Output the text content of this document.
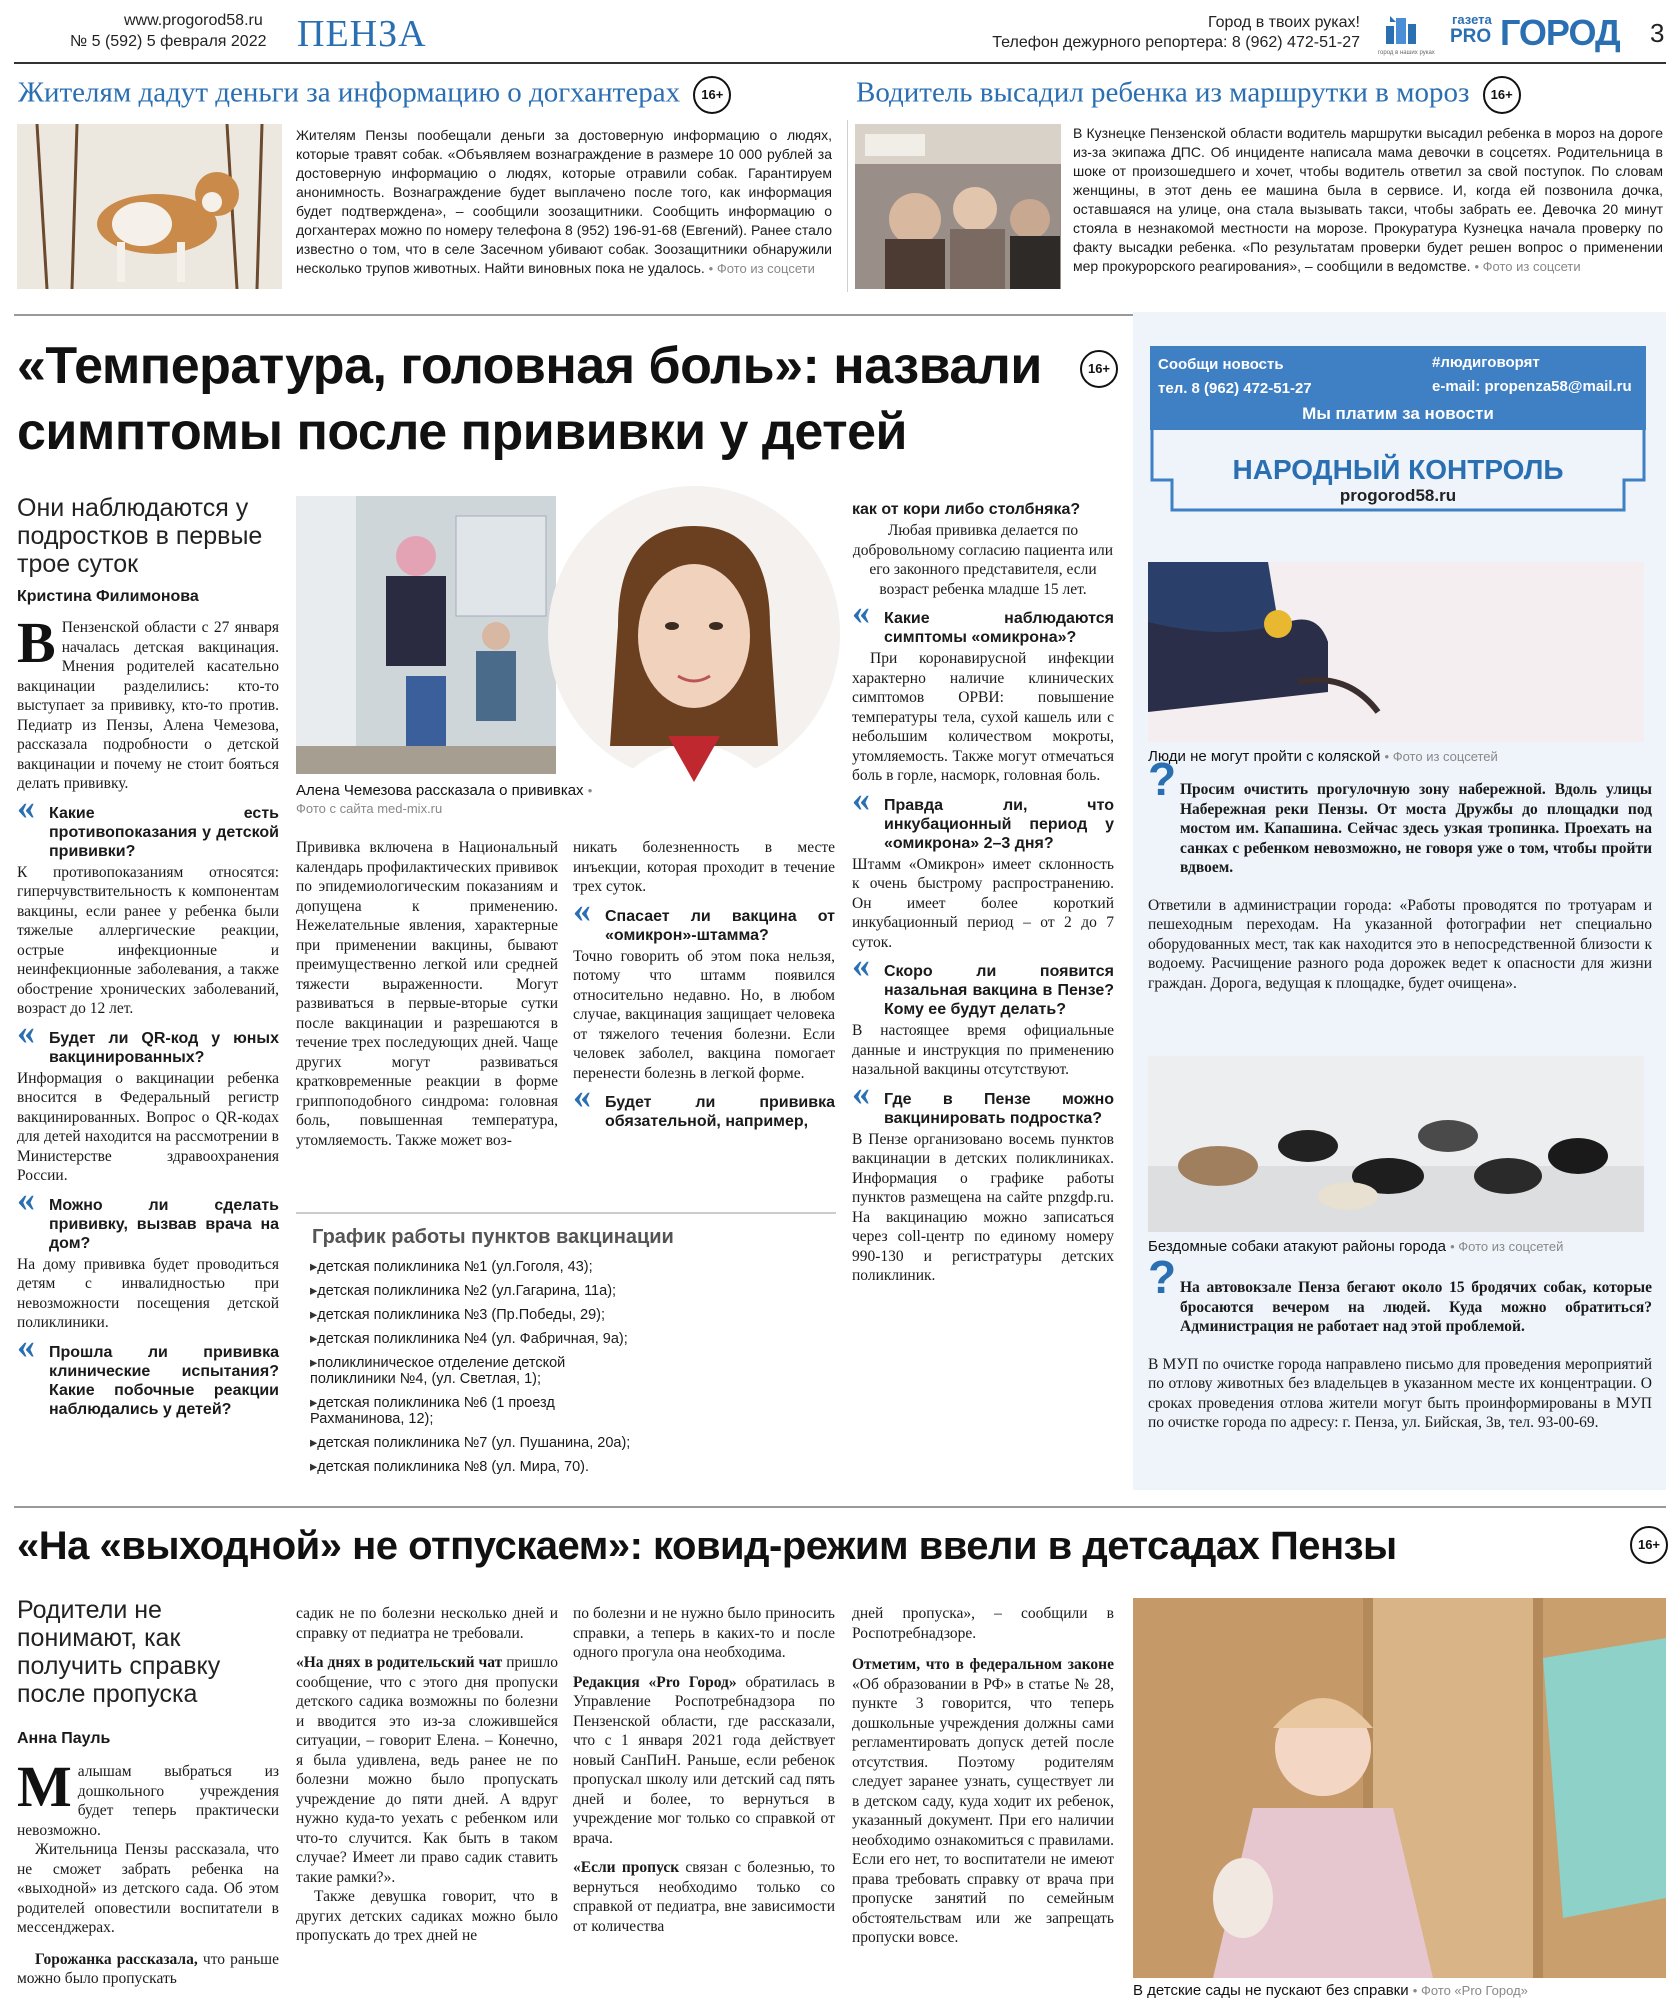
www.progorod58.ru
№ 5 (592) 5 февраля 2022 ПЕНЗА	Город в твоих руках!
Телефон дежурного репортера: 8 (962) 472-51-27
город в наших руках
газета
PRO ГОРОД 3
Жителям дадут деньги за информацию о догхантерах 16+
Жителям Пензы пообещали деньги за достоверную информацию о людях, которые травят собак. «Объявляем вознаграждение в размере 10 000 рублей за достоверную информацию о людях, которые отравили собак. Гарантируем анонимность. Вознаграждение будет выплачено после того, как информация будет подтверждена», – сообщили зоозащитники. Сообщить информацию о догхантерах можно по номеру телефона 8 (952) 196-91-68 (Евгений). Ранее стало известно о том, что в селе Засечном убивают собак. Зоозащитники обнаружили несколько трупов животных. Найти виновных пока не удалось. • Фото из соцсети
Водитель высадил ребенка из маршрутки в мороз 16+
В Кузнецке Пензенской области водитель маршрутки высадил ребенка в мороз на дороге из-за экипажа ДПС. Об инциденте написала мама девочки в соцсетях. Родительница в шоке от произошедшего и хочет, чтобы водитель ответил за свой поступок. По словам женщины, в этот день ее машина была в сервисе. И, когда ей позвонила дочка, оставшаяся на улице, она стала вызывать такси, чтобы забрать ее. Девочка 20 минут стояла в незнакомой местности на морозе. Прокуратура Кузнецка начала проверку по факту высадки ребенка. «По результатам проверки будет решен вопрос о применении мер прокурорского реагирования», – сообщили в ведомстве. • Фото из соцсети
«Температура, головная боль»: назвали	16+
симптомы после прививки у детей
Они наблюдаются у подростков в первые трое суток
Кристина Филимонова

В Пензенской области с 27 января началась детская вакцинация. Мнения родителей касательно вакцинации разделились: кто-то выступает за прививку, кто-то против. Педиатр из Пензы, Алена Чемезова, рассказала подробности о детской вакцинации и почему не стоит бояться делать прививку.

« Какие есть противопоказания у детской прививки?

К противопоказаниям относятся: гиперчувствительность к компонентам вакцины, если ранее у ребенка были тяжелые аллергические реакции, острые инфекционные и неинфекционные заболевания, а также обострение хронических заболеваний, возраст до 12 лет.

« Будет ли QR-код у юных вакцинированных?

Информация о вакцинации ребенка вносится в Федеральный регистр вакцинированных. Вопрос о QR-кодах для детей находится на рассмотрении в Министерстве здравоохранения России.

« Можно ли сделать прививку, вызвав врача на дом?

На дому прививка будет проводиться детям с инвалидностью при невозможности посещения детской поликлиники.

« Прошла ли прививка клинические испытания? Какие побочные реакции наблюдались у детей?
Алена Чемезова рассказала о прививках • Фото с сайта med-mix.ru

Прививка включена в Национальный календарь профилактических прививок по эпидемиологическим показаниям и допущена к применению. Нежелательные явления, характерные при применении вакцины, бывают преимущественно легкой или средней тяжести выраженности. Могут развиваться в первые-вторые сутки после вакцинации и разрешаются в течение трех последующих дней. Чаще других могут развиваться кратковременные реакции в форме гриппоподобного синдрома: головная боль, повышенная температура, утомляемость. Также может воз-

никать болезненность в месте инъекции, которая проходит в течение трех суток.

« Спасает ли вакцина от «омикрон»-штамма?

Точно говорить об этом пока нельзя, потому что штамм появился относительно недавно. Но, в любом случае, вакцинация защищает человека от тяжелого течения болезни. Если человек заболел, вакцина помогает перенести болезнь в легкой форме.

« Будет ли прививка обязательной, например,
как от кори либо столбняка?

Любая прививка делается по добровольному согласию пациента или его законного представителя, если возраст ребенка младше 15 лет.

« Какие наблюдаются симптомы «омикрона»?

При коронавирусной инфекции характерно наличие клинических симптомов ОРВИ: повышение температуры тела, сухой кашель или с небольшим количеством мокроты, утомляемость. Также могут отмечаться боль в горле, насморк, головная боль.

« Правда ли, что инкубационный период у «омикрона» 2–3 дня?

Штамм «Омикрон» имеет склонность к очень быстрому распространению. Он имеет более короткий инкубационный период – от 2 до 7 суток.

« Скоро ли появится назальная вакцина в Пензе? Кому ее будут делать?

В настоящее время официальные данные и инструкция по применению назальной вакцины отсутствуют.

« Где в Пензе можно вакцинировать подростка?

В Пензе организовано восемь пунктов вакцинации в детских поликлиниках. Информация о графике работы пунктов размещена на сайте pnzgdp.ru. На вакцинацию можно записаться через coll-центр по единому номеру 990-130 и регистратуры детских поликлиник.

График работы пунктов вакцинации
▸ детская поликлиника №1 (ул.Гоголя, 43);
▸ детская поликлиника №2 (ул.Гагарина, 11а);
▸ детская поликлиника №3 (Пр.Победы, 29);
▸ детская поликлиника №4 (ул. Фабричная, 9а);
▸ поликлиническое отделение детской поликлиники №4, (ул. Светлая, 1);
▸ детская поликлиника №6 (1 проезд Рахманинова, 12);
▸ детская поликлиника №7 (ул. Пушанина, 20а);
▸ детская поликлиника №8 (ул. Мира, 70).
Сообщи новость
тел. 8 (962) 472-51-27
#людиговорят
e-mail: propenza58@mail.ru
Мы платим за новости
НАРОДНЫЙ КОНТРОЛЬ
progorod58.ru
Люди не могут пройти с коляской • Фото из соцсетей
? Просим очистить прогулочную зону набережной. Вдоль улицы Набережная реки Пензы. От моста Дружбы до площадки под мостом им. Капашина. Сейчас здесь узкая тропинка. Проехать на санках с ребенком невозможно, не говоря уже о том, чтобы пройти вдвоем.

Ответили в администрации города: «Работы проводятся по тротуарам и пешеходным переходам. На указанной фотографии нет специально оборудованных мест, так как находится это в непосредственной близости к водоему. Расчищение разного рода дорожек ведет к опасности для жизни граждан. Дорога, ведущая к площадке, будет очищена».

Бездомные собаки атакуют районы города • Фото из соцсетей
? На автовокзале Пенза бегают около 15 бродячих собак, которые бросаются вечером на людей. Куда можно обратиться? Администрация не работает над этой проблемой.

В МУП по очистке города направлено письмо для проведения мероприятий по отлову животных без владельцев в указанном месте их концентрации. О сроках проведения отлова жители могут быть проинформированы в МУП по очистке города по адресу: г. Пенза, ул. Бийская, 3в, тел. 93-00-69.

«На «выходной» не отпускаем»: ковид-режим ввели в детсадах Пензы	16+
Родители не понимают, как получить справку после пропуска
Анна Пауль

Малышам выбраться из дошкольного учреждения будет теперь практически невозможно.

Жительница Пензы рассказала, что не сможет забрать ребенка на «выходной» из детского сада. Об этом родителей оповестили воспитатели в мессенджерах.

Горожанка рассказала, что раньше можно было пропускать

садик не по болезни несколько дней и справку от педиатра не требовали.

«На днях в родительский чат пришло сообщение, что с этого дня пропуски детского садика возможны по болезни и вводится это из-за сложившейся ситуации, – говорит Елена. – Конечно, я была удивлена, ведь ранее не по болезни можно было пропускать учреждение до пяти дней. А вдруг нужно куда-то уехать с ребенком или что-то случится. Как быть в таком случае? Имеет ли право садик ставить такие рамки?».

Также девушка говорит, что в других детских садиках можно было пропускать до трех дней не

по болезни и не нужно было приносить справки, а теперь в каких-то и после одного прогула она необходима.

Редакция «Pro Город» обратилась в Управление Роспотребнадзора по Пензенской области, где рассказали, что с 1 января 2021 года действует новый СанПиН. Раньше, если ребенок пропускал школу или детский сад пять дней и более, то вернуться в учреждение мог только со справкой от врача.

«Если пропуск связан с болезнью, то вернуться необходимо только со справкой от педиатра, вне зависимости от количества

дней пропуска», – сообщили в Роспотребнадзоре.

Отметим, что в федеральном законе «Об образовании в РФ» в статье № 28, пункте 3 говорится, что теперь дошкольные учреждения должны сами регламентировать допуск детей после отсутствия. Поэтому родителям следует заранее узнать, существует ли в детском саду, куда ходит их ребенок, указанный документ. При его наличии необходимо ознакомиться с правилами. Если его нет, то воспитатели не имеют права требовать справку от врача при пропуске занятий по семейным обстоятельствам или же запрещать пропуски вовсе.

В детские сады не пускают без справки • Фото «Pro Город»
